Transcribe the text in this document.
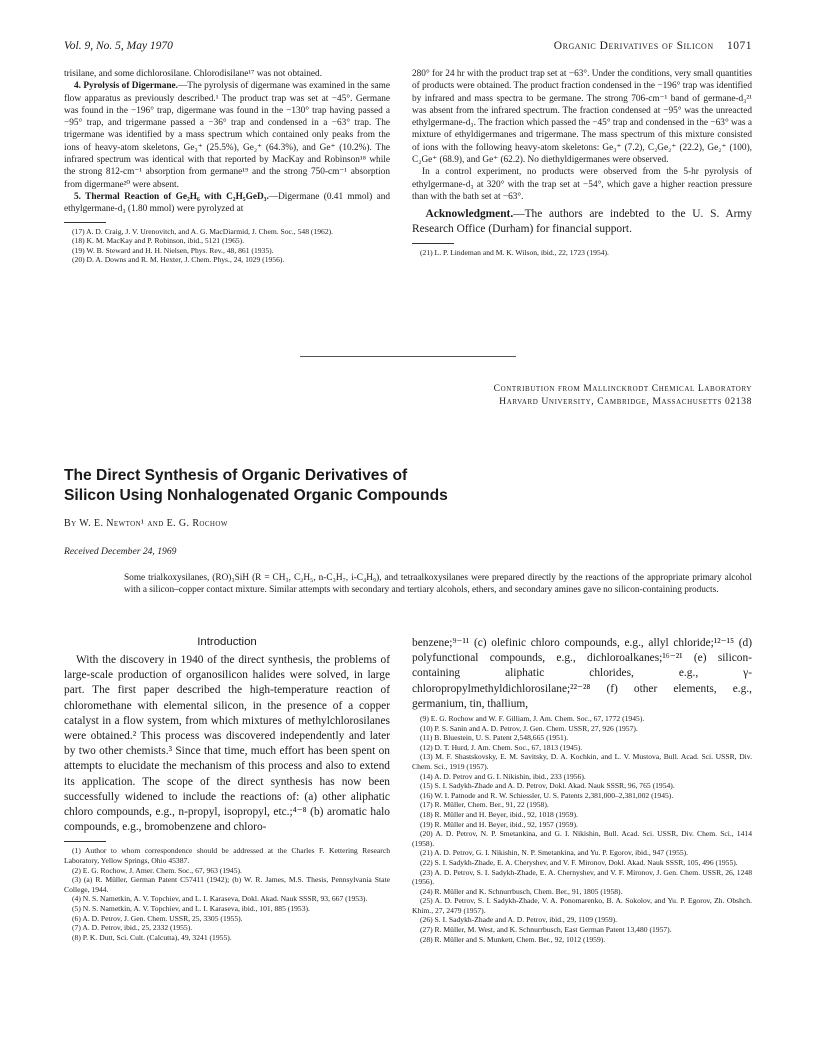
Vol. 9, No. 5, May 1970	Organic Derivatives of Silicon 1071

trisilane, and some dichlorosilane. Chlorodisilane¹⁷ was not obtained.

4. Pyrolysis of Digermane.—The pyrolysis of digermane was examined in the same flow apparatus as previously described.¹ The product trap was set at −45°. Germane was found in the −196° trap, digermane was found in the −130° trap having passed a −95° trap, and trigermane passed a −36° trap and condensed in a −63° trap. The trigermane was identified by a mass spectrum which contained only peaks from the ions of heavy-atom skeletons, Ge₃⁺ (25.5%), Ge₂⁺ (64.3%), and Ge⁺ (10.2%). The infrared spectrum was identical with that reported by MacKay and Robinson¹⁸ while the strong 812-cm⁻¹ absorption from germane¹⁹ and the strong 750-cm⁻¹ absorption from digermane²⁰ were absent.

5. Thermal Reaction of Ge₂H₆ with C₂H₅GeD₃.—Digermane (0.41 mmol) and ethylgermane-d₃ (1.80 mmol) were pyrolyzed at

(17) A. D. Craig, J. V. Urenovitch, and A. G. MacDiarmid, J. Chem. Soc., 548 (1962).
(18) K. M. MacKay and P. Robinson, ibid., 5121 (1965).
(19) W. B. Steward and H. H. Nielsen, Phys. Rev., 48, 861 (1935).
(20) D. A. Downs and R. M. Hexter, J. Chem. Phys., 24, 1029 (1956).

280° for 24 hr with the product trap set at −63°. Under the conditions, very small quantities of products were obtained. The product fraction condensed in the −196° trap was identified by infrared and mass spectra to be germane. The strong 706-cm⁻¹ band of germane-d₃²¹ was absent from the infrared spectrum. The fraction condensed at −95° was the unreacted ethylgermane-d₃. The fraction which passed the −45° trap and condensed in the −63° was a mixture of ethyldigermanes and trigermane. The mass spectrum of this mixture consisted of ions with the following heavy-atom skeletons: Ge₃⁺ (7.2), C₂Ge₂⁺ (22.2), Ge₂⁺ (100), C₂Ge⁺ (68.9), and Ge⁺ (62.2). No diethyldigermanes were observed.

In a control experiment, no products were observed from the 5-hr pyrolysis of ethylgermane-d₃ at 320° with the trap set at −54°, which gave a higher reaction pressure than with the bath set at −63°.

Acknowledgment.—The authors are indebted to the U. S. Army Research Office (Durham) for financial support.

(21) L. P. Lindeman and M. K. Wilson, ibid., 22, 1723 (1954).
Contribution from Mallinckrodt Chemical Laboratory
Harvard University, Cambridge, Massachusetts 02138
The Direct Synthesis of Organic Derivatives of
Silicon Using Nonhalogenated Organic Compounds
By W. E. Newton¹ and E. G. Rochow
Received December 24, 1969
Some trialkoxysilanes, (RO)₃SiH (R = CH₃, C₂H₅, n-C₃H₇, i-C₄H₉), and tetraalkoxysilanes were prepared directly by the reactions of the appropriate primary alcohol with a silicon–copper contact mixture. Similar attempts with secondary and tertiary alcohols, ethers, and secondary amines gave no silicon-containing products.
Introduction

With the discovery in 1940 of the direct synthesis, the problems of large-scale production of organosilicon halides were solved, in large part. The first paper described the high-temperature reaction of chloromethane with elemental silicon, in the presence of a copper catalyst in a flow system, from which mixtures of methylchlorosilanes were obtained.² This process was discovered independently and later by two other chemists.³ Since that time, much effort has been spent on attempts to elucidate the mechanism of this process and also to extend its application. The scope of the direct synthesis has now been successfully widened to include the reactions of: (a) other aliphatic chloro compounds, e.g., n-propyl, isopropyl, etc.;⁴⁻⁸ (b) aromatic halo compounds, e.g., bromobenzene and chloro-

(1) Author to whom correspondence should be addressed at the Charles F. Kettering Research Laboratory, Yellow Springs, Ohio 45387.
(2) E. G. Rochow, J. Amer. Chem. Soc., 67, 963 (1945).
(3) (a) R. Müller, German Patent C57411 (1942); (b) W. R. James, M.S. Thesis, Pennsylvania State College, 1944.
(4) N. S. Nametkin, A. V. Topchiev, and L. I. Karaseva, Dokl. Akad. Nauk SSSR, 93, 667 (1953).
(5) N. S. Nametkin, A. V. Topchiev, and L. I. Karaseva, ibid., 101, 885 (1953).
(6) A. D. Petrov, J. Gen. Chem. USSR, 25, 3305 (1955).
(7) A. D. Petrov, ibid., 25, 2332 (1955).
(8) P. K. Dutt, Sci. Cult. (Calcutta), 49, 3241 (1955).

benzene;⁹⁻¹¹ (c) olefinic chloro compounds, e.g., allyl chloride;¹²⁻¹⁵ (d) polyfunctional compounds, e.g., dichloroalkanes;¹⁶⁻²¹ (e) silicon-containing aliphatic chlorides, e.g., γ-chloropropylmethyldichlorosilane;²²⁻²⁸ (f) other elements, e.g., germanium, tin, thallium,

(9) E. G. Rochow and W. F. Gilliam, J. Am. Chem. Soc., 67, 1772 (1945).
(10) P. S. Sanin and A. D. Petrov, J. Gen. Chem. USSR, 27, 926 (1957).
(11) B. Bluestein, U. S. Patent 2,548,665 (1951).
(12) D. T. Hurd, J. Am. Chem. Soc., 67, 1813 (1945).
(13) M. F. Shastskovsky, E. M. Savitsky, D. A. Kochkin, and L. V. Mustova, Bull. Acad. Sci. USSR, Div. Chem. Sci., 1919 (1957).
(14) A. D. Petrov and G. I. Nikishin, ibid., 233 (1956).
(15) S. I. Sadykh-Zhade and A. D. Petrov, Dokl. Akad. Nauk SSSR, 96, 765 (1954).
(16) W. I. Patnode and R. W. Schiessler, U. S. Patents 2,381,000–2,381,002 (1945).
(17) R. Müller, Chem. Ber., 91, 22 (1958).
(18) R. Müller and H. Beyer, ibid., 92, 1018 (1959).
(19) R. Müller and H. Beyer, ibid., 92, 1957 (1959).
(20) A. D. Petrov, N. P. Smetankina, and G. I. Nikishin, Bull. Acad. Sci. USSR, Div. Chem. Sci., 1414 (1958).
(21) A. D. Petrov, G. I. Nikishin, N. P. Smetankina, and Yu. P. Egorov, ibid., 947 (1955).
(22) S. I. Sadykh-Zhade, E. A. Cheryshev, and V. F. Mironov, Dokl. Akad. Nauk SSSR, 105, 496 (1955).
(23) A. D. Petrov, S. I. Sadykh-Zhade, E. A. Chernyshev, and V. F. Mironov, J. Gen. Chem. USSR, 26, 1248 (1956).
(24) R. Müller and K. Schnurrbusch, Chem. Ber., 91, 1805 (1958).
(25) A. D. Petrov, S. I. Sadykh-Zhade, V. A. Ponomarenko, B. A. Sokolov, and Yu. P. Egorov, Zh. Obshch. Khim., 27, 2479 (1957).
(26) S. I. Sadykh-Zhade and A. D. Petrov, ibid., 29, 1109 (1959).
(27) R. Müller, M. West, and K. Schnurrbusch, East German Patent 13,480 (1957).
(28) R. Müller and S. Munkett, Chem. Ber., 92, 1012 (1959).
